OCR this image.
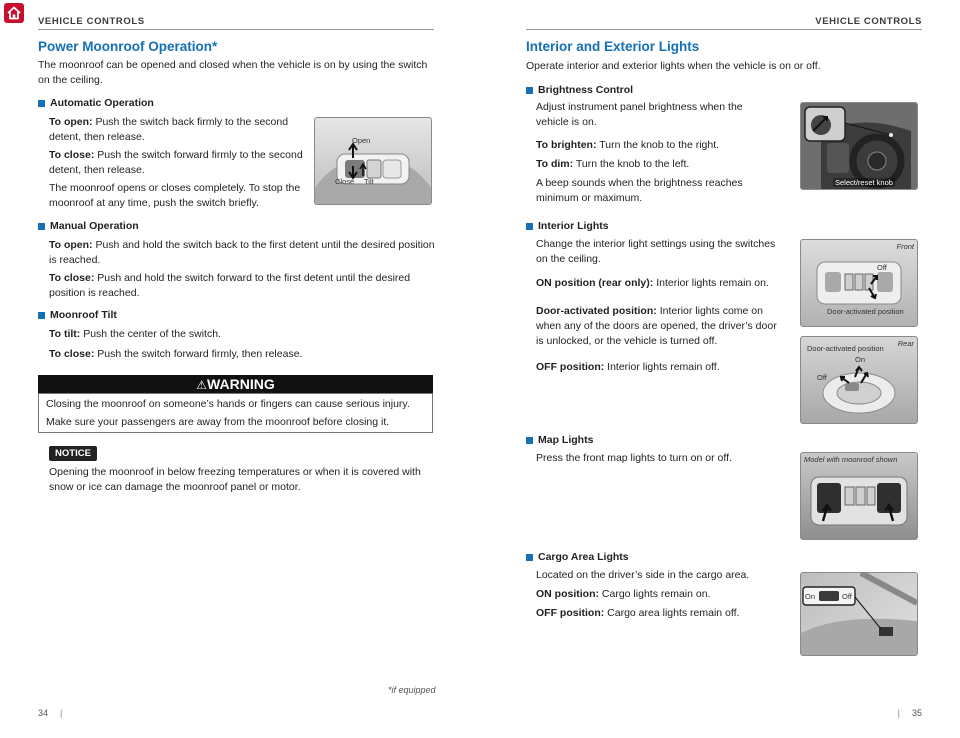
VEHICLE CONTROLS	VEHICLE CONTROLS
Power Moonroof Operation*
The moonroof can be opened and closed when the vehicle is on by using the switch on the ceiling.
Automatic Operation
To open: Push the switch back firmly to the second detent, then release.
To close: Push the switch forward firmly to the second detent, then release.
The moonroof opens or closes completely. To stop the moonroof at any time, push the switch briefly.
Open
Close Tilt
Manual Operation
To open: Push and hold the switch back to the first detent until the desired position is reached.
To close: Push and hold the switch forward to the first detent until the desired position is reached.
Moonroof Tilt
To tilt: Push the center of the switch.
To close: Push the switch forward firmly, then release.
⚠WARNING
Closing the moonroof on someone’s hands or fingers can cause serious injury.
Make sure your passengers are away from the moonroof before closing it.
NOTICE
Opening the moonroof in below freezing temperatures or when it is covered with snow or ice can damage the moonroof panel or motor.
*if equipped
34 |
Interior and Exterior Lights
Operate interior and exterior lights when the vehicle is on or off.
Brightness Control
Adjust instrument panel brightness when the vehicle is on.
To brighten: Turn the knob to the right.
To dim: Turn the knob to the left.
A beep sounds when the brightness reaches minimum or maximum.
Select/reset knob
Interior Lights
Change the interior light settings using the switches on the ceiling.
ON position (rear only): Interior lights remain on.
Door-activated position: Interior lights come on when any of the doors are opened, the driver’s door is unlocked, or the vehicle is turned off.
OFF position: Interior lights remain off.
Front
Off
Door-activated position
Rear
Door-activated position
On
Off
Map Lights
Press the front map lights to turn on or off.	Model with moonroof shown
Cargo Area Lights
Located on the driver’s side in the cargo area.
ON position: Cargo lights remain on.
OFF position: Cargo area lights remain off.
On	Off
| 35
